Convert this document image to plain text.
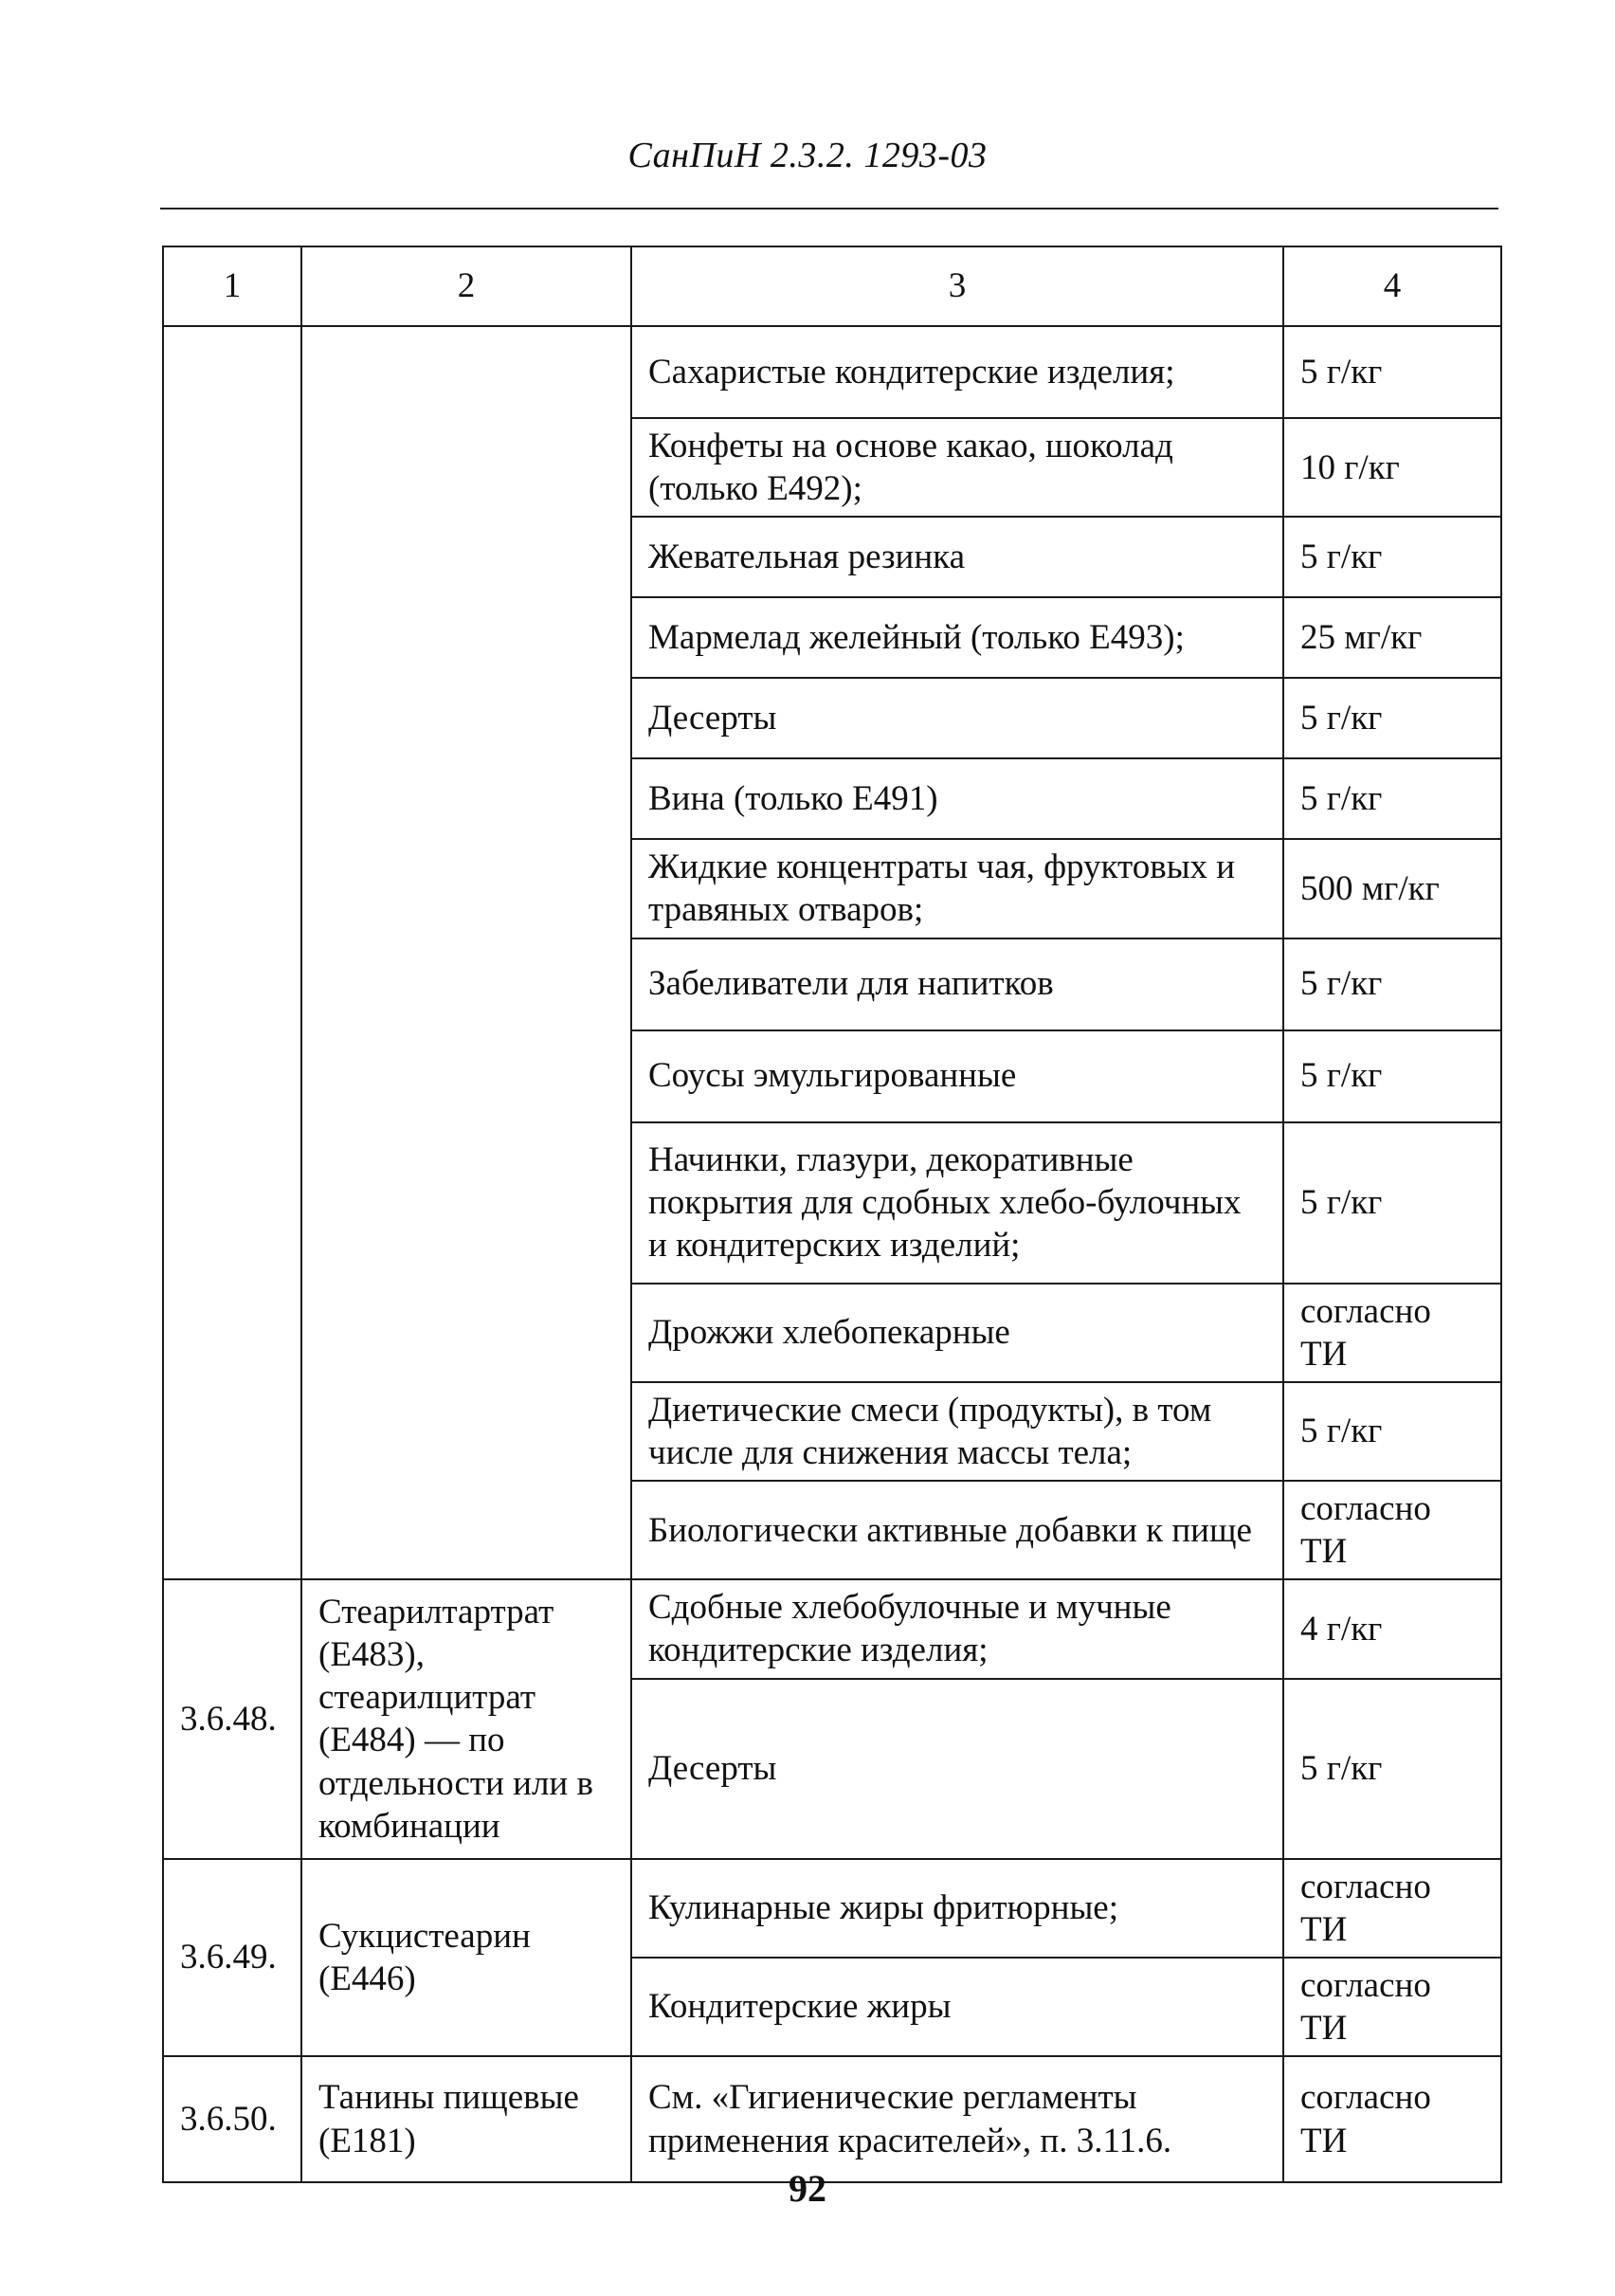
СанПиН 2.3.2. 1293-03
1	2	3	4
		Сахаристые кондитерские изделия;	5 г/кг
		Конфеты на основе какао, шоколад (только Е492);	10 г/кг
		Жевательная резинка	5 г/кг
		Мармелад желейный (только Е493);	25 мг/кг
		Десерты	5 г/кг
		Вина (только Е491)	5 г/кг
		Жидкие концентраты чая, фруктовых и травяных отваров;	500 мг/кг
		Забеливатели для напитков	5 г/кг
		Соусы эмульгированные	5 г/кг
		Начинки, глазури, декоративные покрытия для сдобных хлебо-булочных и кондитерских изделий;	5 г/кг
		Дрожжи хлебопекарные	согласно ТИ
		Диетические смеси (продукты), в том числе для снижения массы тела;	5 г/кг
		Биологически активные добавки к пище	согласно ТИ
3.6.48.	Стеарилтартрат (Е483), стеарилцитрат (Е484) — по отдельности или в комбинации	Сдобные хлебобулочные и мучные кондитерские изделия;	4 г/кг
		Десерты	5 г/кг
3.6.49.	Сукцистеарин (Е446)	Кулинарные жиры фритюрные;	согласно ТИ
		Кондитерские жиры	согласно ТИ
3.6.50.	Танины пищевые (Е181)	См. «Гигиенические регламенты применения красителей», п. 3.11.6.	согласно ТИ
92
